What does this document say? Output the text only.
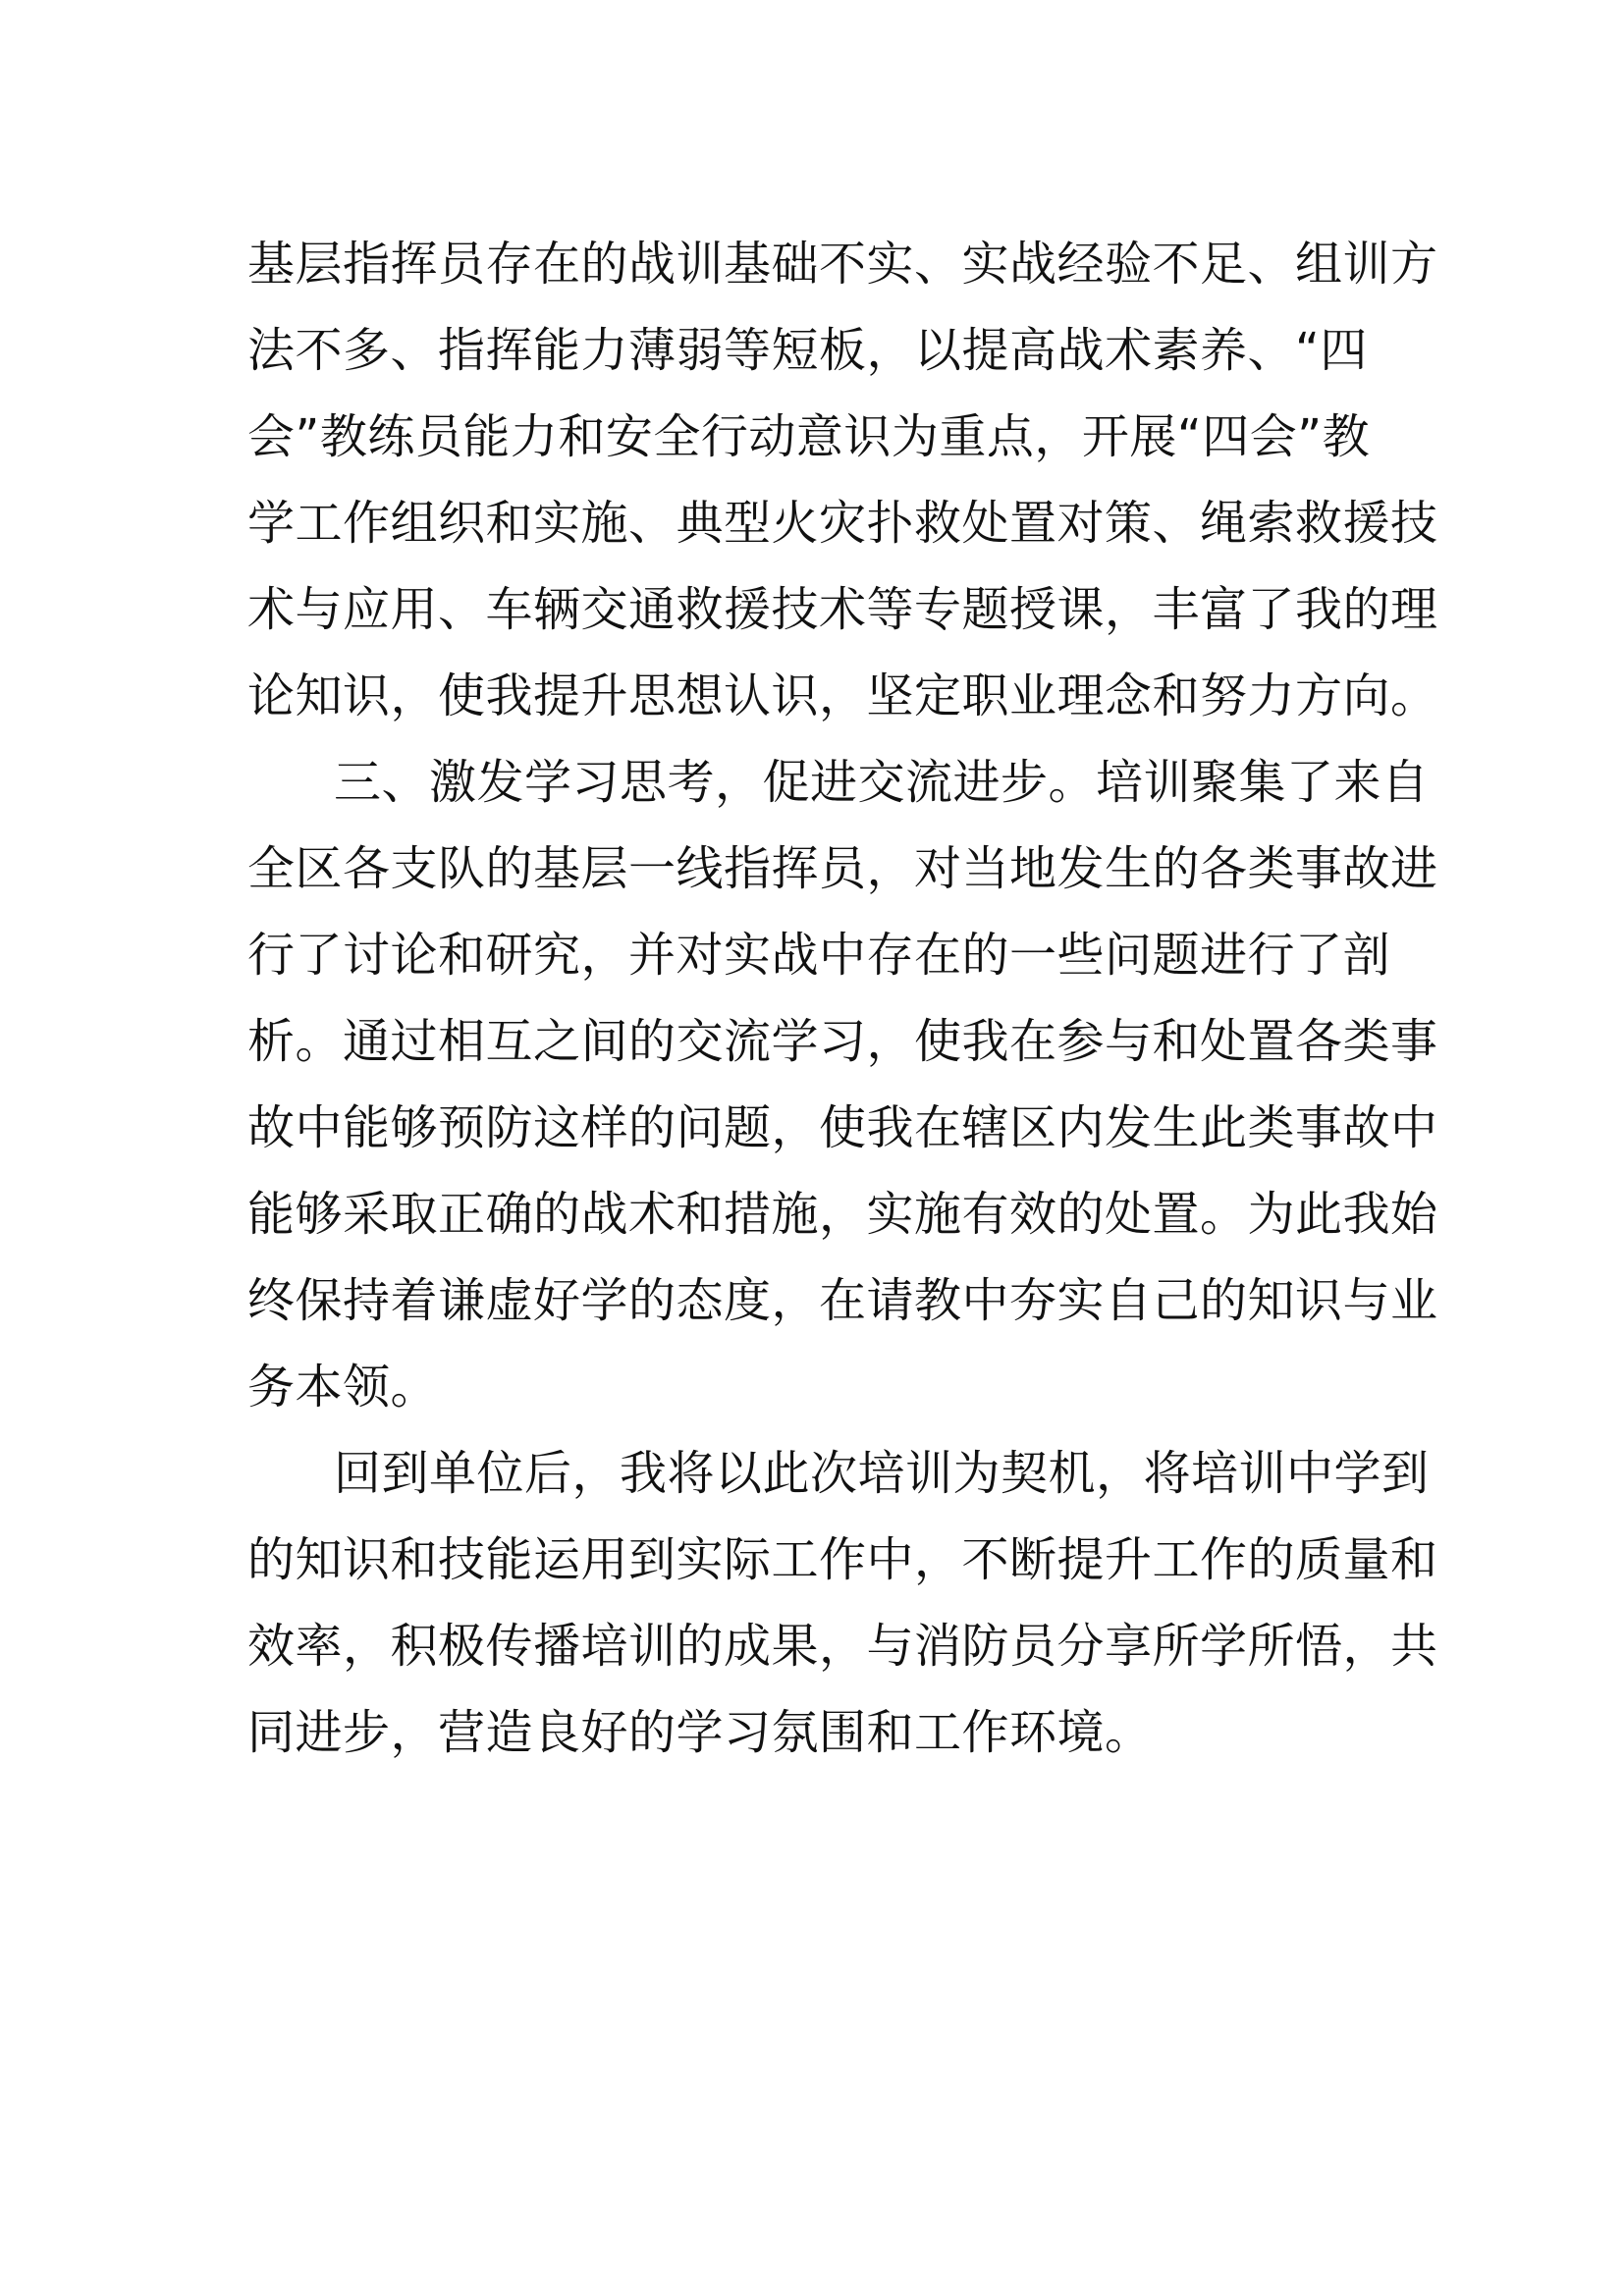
基层指挥员存在的战训基础不实、实战经验不足、组训方
法不多、指挥能力薄弱等短板，以提高战术素养、“四
会”教练员能力和安全行动意识为重点，开展“四会”教
学工作组织和实施、典型火灾扑救处置对策、绳索救援技
术与应用、车辆交通救援技术等专题授课，丰富了我的理
论知识，使我提升思想认识，坚定职业理念和努力方向。
三、激发学习思考，促进交流进步。培训聚集了来自
全区各支队的基层一线指挥员，对当地发生的各类事故进
行了讨论和研究，并对实战中存在的一些问题进行了剖
析。通过相互之间的交流学习，使我在参与和处置各类事
故中能够预防这样的问题，使我在辖区内发生此类事故中
能够采取正确的战术和措施，实施有效的处置。为此我始
终保持着谦虚好学的态度，在请教中夯实自己的知识与业
务本领。
回到单位后，我将以此次培训为契机，将培训中学到
的知识和技能运用到实际工作中，不断提升工作的质量和
效率，积极传播培训的成果，与消防员分享所学所悟，共
同进步，营造良好的学习氛围和工作环境。
